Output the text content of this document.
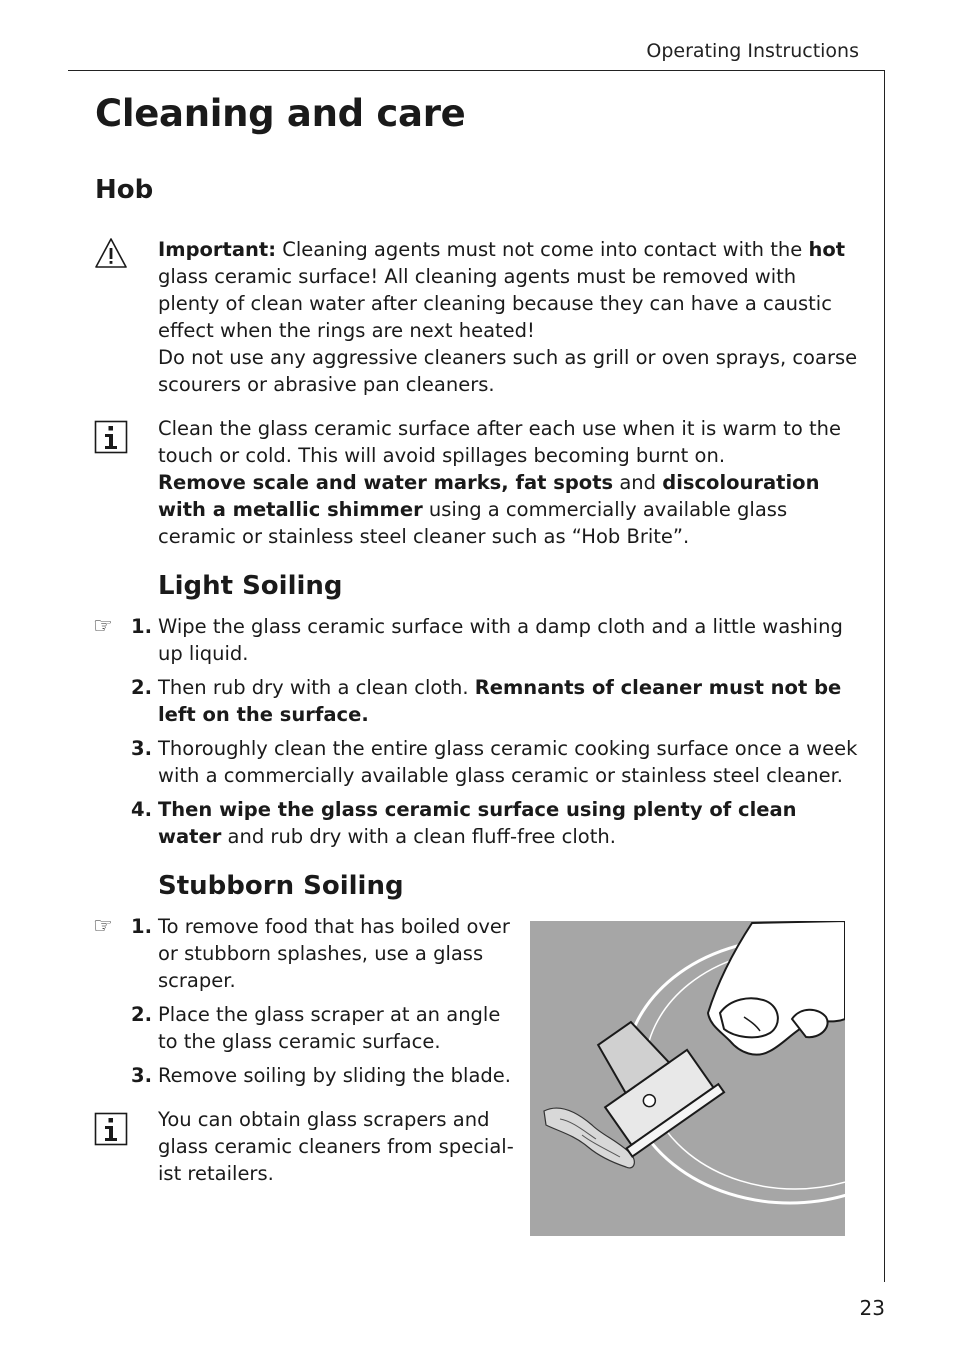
Operating Instructions
Cleaning and care
Hob

Important: Cleaning agents must not come into contact with the hot glass ceramic surface! All cleaning agents must be removed with plenty of clean water after cleaning because they can have a caustic effect when the rings are next heated!
Do not use any aggressive cleaners such as grill or oven sprays, coarse scourers or abrasive pan cleaners.

Clean the glass ceramic surface after each use when it is warm to the touch or cold. This will avoid spillages becoming burnt on.
Remove scale and water marks, fat spots and discolouration with a metallic shimmer using a commercially available glass ceramic or stainless steel cleaner such as “Hob Brite”.

Light Soiling
☞ 1. Wipe the glass ceramic surface with a damp cloth and a little washing up liquid.

2. Then rub dry with a clean cloth. Remnants of cleaner must not be left on the surface.

3. Thoroughly clean the entire glass ceramic cooking surface once a week with a commercially available glass ceramic or stainless steel cleaner.

4. Then wipe the glass ceramic surface using plenty of clean water and rub dry with a clean fluff-free cloth.

Stubborn Soiling
☞ 1. To remove food that has boiled over or stubborn splashes, use a glass scraper.

2. Place the glass scraper at an angle to the glass ceramic surface.

3. Remove soiling by sliding the blade.

You can obtain glass scrapers and glass ceramic cleaners from special-ist retailers.

23
